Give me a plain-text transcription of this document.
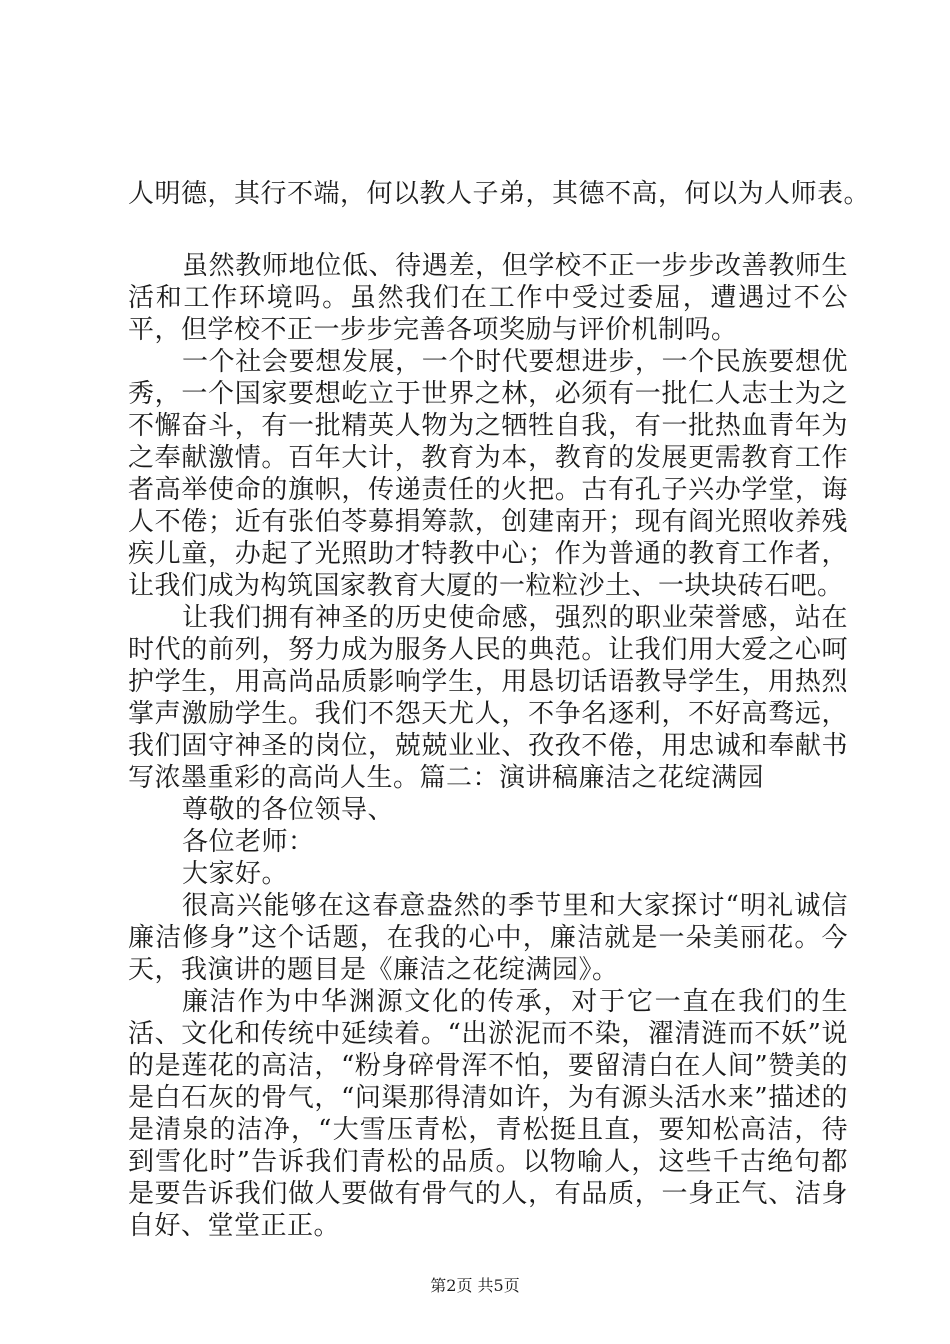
人明德，其行不端，何以教人子弟，其德不高，何以为人师表。

虽然教师地位低、待遇差，但学校不正一步步改善教师生活和工作环境吗。虽然我们在工作中受过委屈，遭遇过不公平，但学校不正一步步完善各项奖励与评价机制吗。

一个社会要想发展，一个时代要想进步，一个民族要想优秀，一个国家要想屹立于世界之林，必须有一批仁人志士为之不懈奋斗，有一批精英人物为之牺牲自我，有一批热血青年为之奉献激情。百年大计，教育为本，教育的发展更需教育工作者高举使命的旗帜，传递责任的火把。古有孔子兴办学堂，诲人不倦；近有张伯苓募捐筹款，创建南开；现有阎光照收养残疾儿童，办起了光照助才特教中心；作为普通的教育工作者，让我们成为构筑国家教育大厦的一粒粒沙土、一块块砖石吧。

让我们拥有神圣的历史使命感，强烈的职业荣誉感，站在时代的前列，努力成为服务人民的典范。让我们用大爱之心呵护学生，用高尚品质影响学生，用恳切话语教导学生，用热烈掌声激励学生。我们不怨天尤人，不争名逐利，不好高骛远，我们固守神圣的岗位，兢兢业业、孜孜不倦，用忠诚和奉献书写浓墨重彩的高尚人生。篇二：演讲稿廉洁之花绽满园

尊敬的各位领导、

各位老师：

大家好。

很高兴能够在这春意盎然的季节里和大家探讨“明礼诚信廉洁修身”这个话题，在我的心中，廉洁就是一朵美丽花。今天，我演讲的题目是《廉洁之花绽满园》。

廉洁作为中华渊源文化的传承，对于它一直在我们的生活、文化和传统中延续着。“出淤泥而不染，濯清涟而不妖”说的是莲花的高洁，“粉身碎骨浑不怕，要留清白在人间”赞美的是白石灰的骨气，“问渠那得清如许，为有源头活水来”描述的是清泉的洁净，“大雪压青松，青松挺且直，要知松高洁，待到雪化时”告诉我们青松的品质。以物喻人，这些千古绝句都是要告诉我们做人要做有骨气的人，有品质，一身正气、洁身自好、堂堂正正。

第2页 共5页
